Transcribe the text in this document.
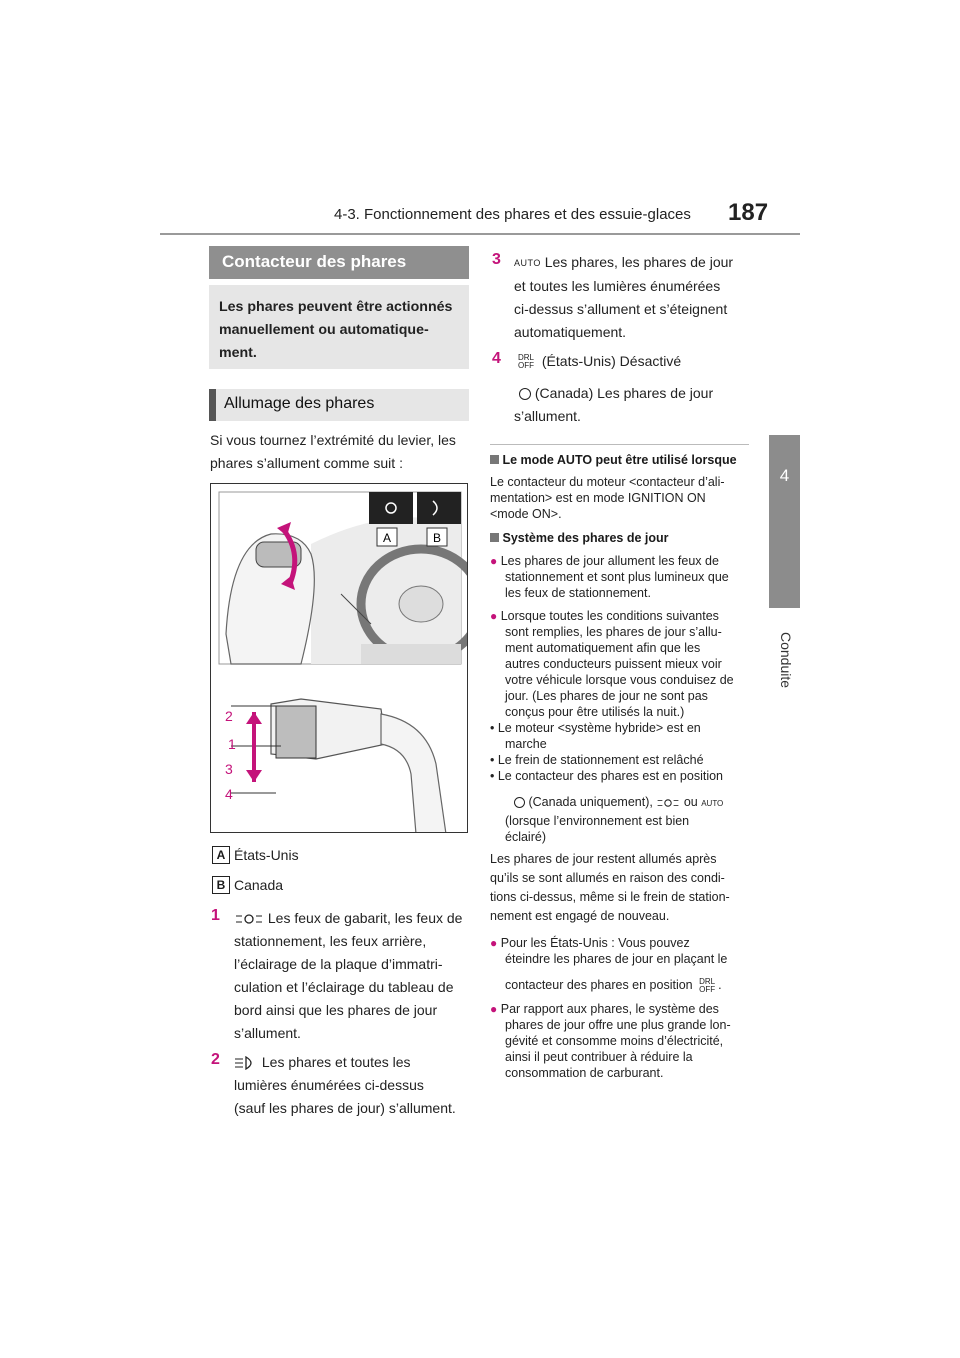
4-3. Fonctionnement des phares et des essuie-glaces 187
4
Conduite
Contacteur des phares
Les phares peuvent être actionnés manuellement ou automatique-ment.
Allumage des phares
Si vous tournez l’extrémité du levier, les
phares s’allument comme suit :
A	B
2
1
3
4
A États-Unis
B Canada
1	Les feux de gabarit, les feux de
stationnement, les feux arrière,
l’éclairage de la plaque d’immatri-
culation et l’éclairage du tableau de
bord ainsi que les phares de jour
s’allument.
2	Les phares et toutes les
lumières énumérées ci-dessus
(sauf les phares de jour) s’allument.
3 AUTO Les phares, les phares de jour
et toutes les lumières énumérées
ci-dessus s’allument et s’éteignent
automatiquement.
4	DRL
OFF (États-Unis) Désactivé
(Canada) Les phares de jour
s’allument.
Le mode AUTO peut être utilisé lorsque
Le contacteur du moteur <contacteur d’ali-
mentation> est en mode IGNITION ON
<mode ON>.
Système des phares de jour
● Les phares de jour allument les feux de
stationnement et sont plus lumineux que
les feux de stationnement.
● Lorsque toutes les conditions suivantes
sont remplies, les phares de jour s’allu-
ment automatiquement afin que les
autres conducteurs puissent mieux voir
votre véhicule lorsque vous conduisez de
jour. (Les phares de jour ne sont pas
conçus pour être utilisés la nuit.)
• Le moteur <système hybride> est en
marche
• Le frein de stationnement est relâché
• Le contacteur des phares est en position
(Canada uniquement),  ou AUTO
(lorsque l’environnement est bien
éclairé)
Les phares de jour restent allumés après
qu’ils se sont allumés en raison des condi-
tions ci-dessus, même si le frein de station-
nement est engagé de nouveau.
● Pour les États-Unis : Vous pouvez
éteindre les phares de jour en plaçant le
contacteur des phares en position DRL
OFF .
● Par rapport aux phares, le système des
phares de jour offre une plus grande lon-
gévité et consomme moins d’électricité,
ainsi il peut contribuer à réduire la
consommation de carburant.
